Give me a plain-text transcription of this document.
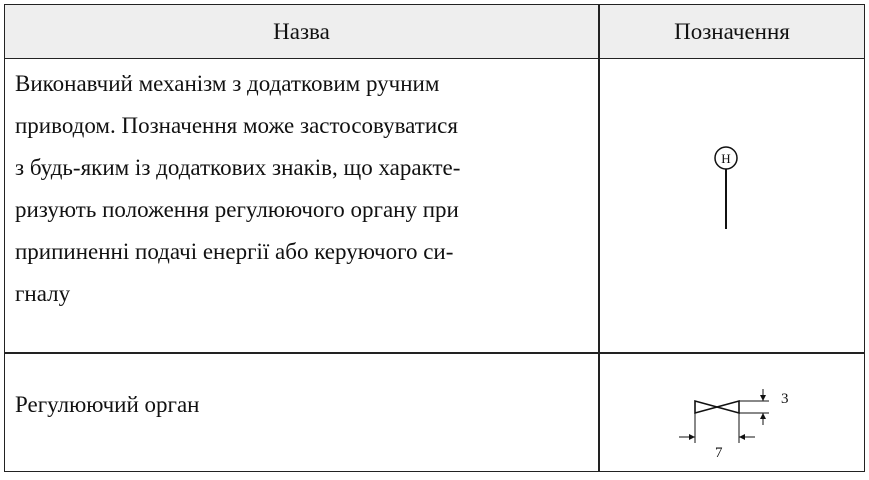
Назва	Позначення
Виконавчий механізм з додатковим ручним
приводом. Позначення може застосовуватися
з будь-яким із додаткових знаків, що характе-
ризують положення регулюючого органу при
припиненні подачі енергії або керуючого си-
гналу
Н
Регулюючий орган	3
7
